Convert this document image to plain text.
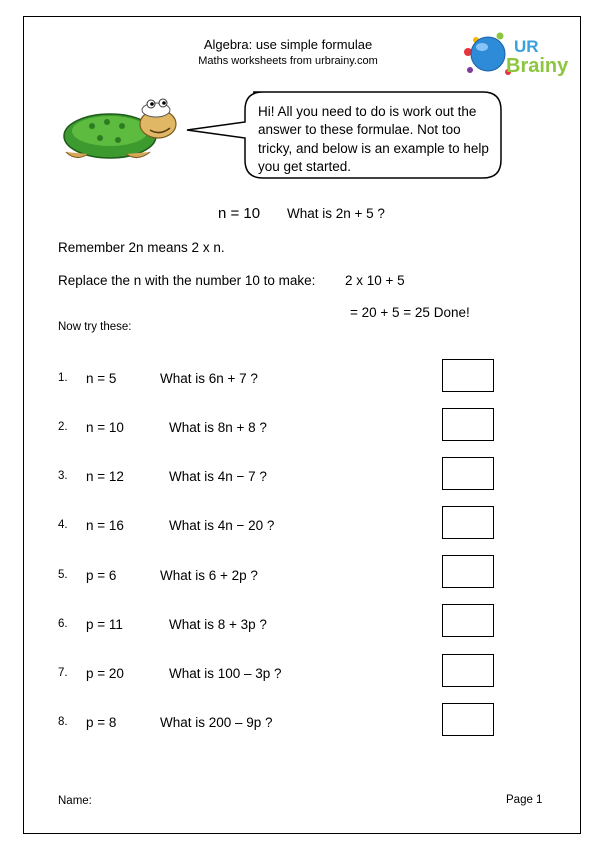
Algebra: use simple formulae
Maths worksheets from urbrainy.com
UR
Brainy
Hi! All you need to do is work out the answer to these formulae. Not too tricky, and below is an example to help you get started.
n = 10 What is 2n + 5 ?
Remember 2n means 2 x n.
Replace the n with the number 10 to make: 2 x 10 + 5
= 20 + 5 = 25 Done!
Now try these:
1. n = 5	What is 6n + 7 ?
2. n = 10	What is 8n + 8 ?
3. n = 12	What is 4n − 7 ?
4. n = 16	What is 4n − 20 ?
5. p = 6	What is 6 + 2p ?
6. p = 11	What is 8 + 3p ?
7. p = 20	What is 100 – 3p ?
8. p = 8	What is 200 – 9p ?
Name:	Page 1
